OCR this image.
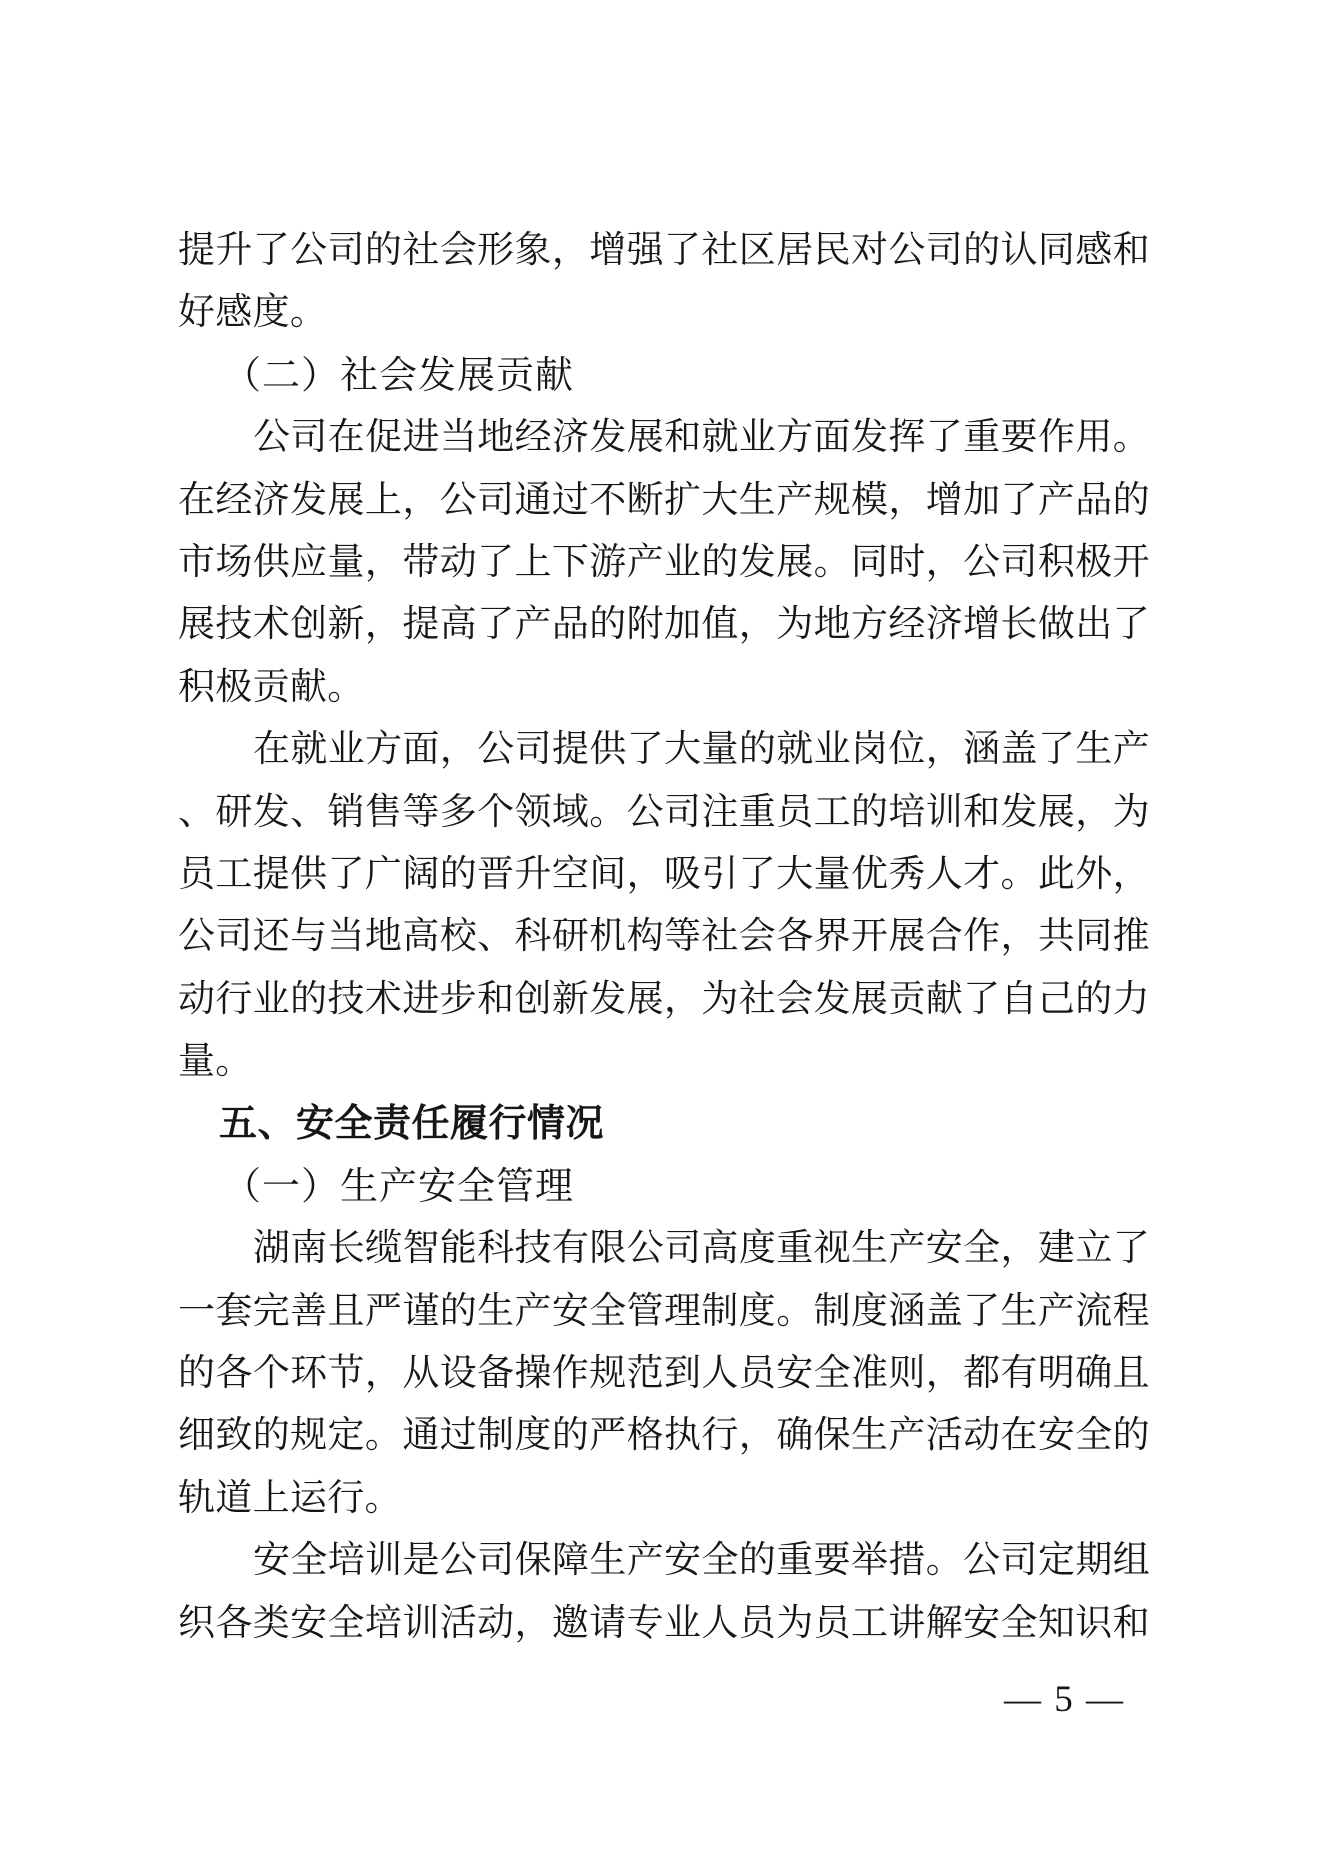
提升了公司的社会形象，增强了社区居民对公司的认同感和
好感度。
（二）社会发展贡献
公司在促进当地经济发展和就业方面发挥了重要作用。
在经济发展上，公司通过不断扩大生产规模，增加了产品的
市场供应量，带动了上下游产业的发展。同时，公司积极开
展技术创新，提高了产品的附加值，为地方经济增长做出了
积极贡献。
在就业方面，公司提供了大量的就业岗位，涵盖了生产
、研发、销售等多个领域。公司注重员工的培训和发展，为
员工提供了广阔的晋升空间，吸引了大量优秀人才。此外，
公司还与当地高校、科研机构等社会各界开展合作，共同推
动行业的技术进步和创新发展，为社会发展贡献了自己的力
量。
五、安全责任履行情况
（一）生产安全管理
湖南长缆智能科技有限公司高度重视生产安全，建立了
一套完善且严谨的生产安全管理制度。制度涵盖了生产流程
的各个环节，从设备操作规范到人员安全准则，都有明确且
细致的规定。通过制度的严格执行，确保生产活动在安全的
轨道上运行。
安全培训是公司保障生产安全的重要举措。公司定期组
织各类安全培训活动，邀请专业人员为员工讲解安全知识和
— 5 —
